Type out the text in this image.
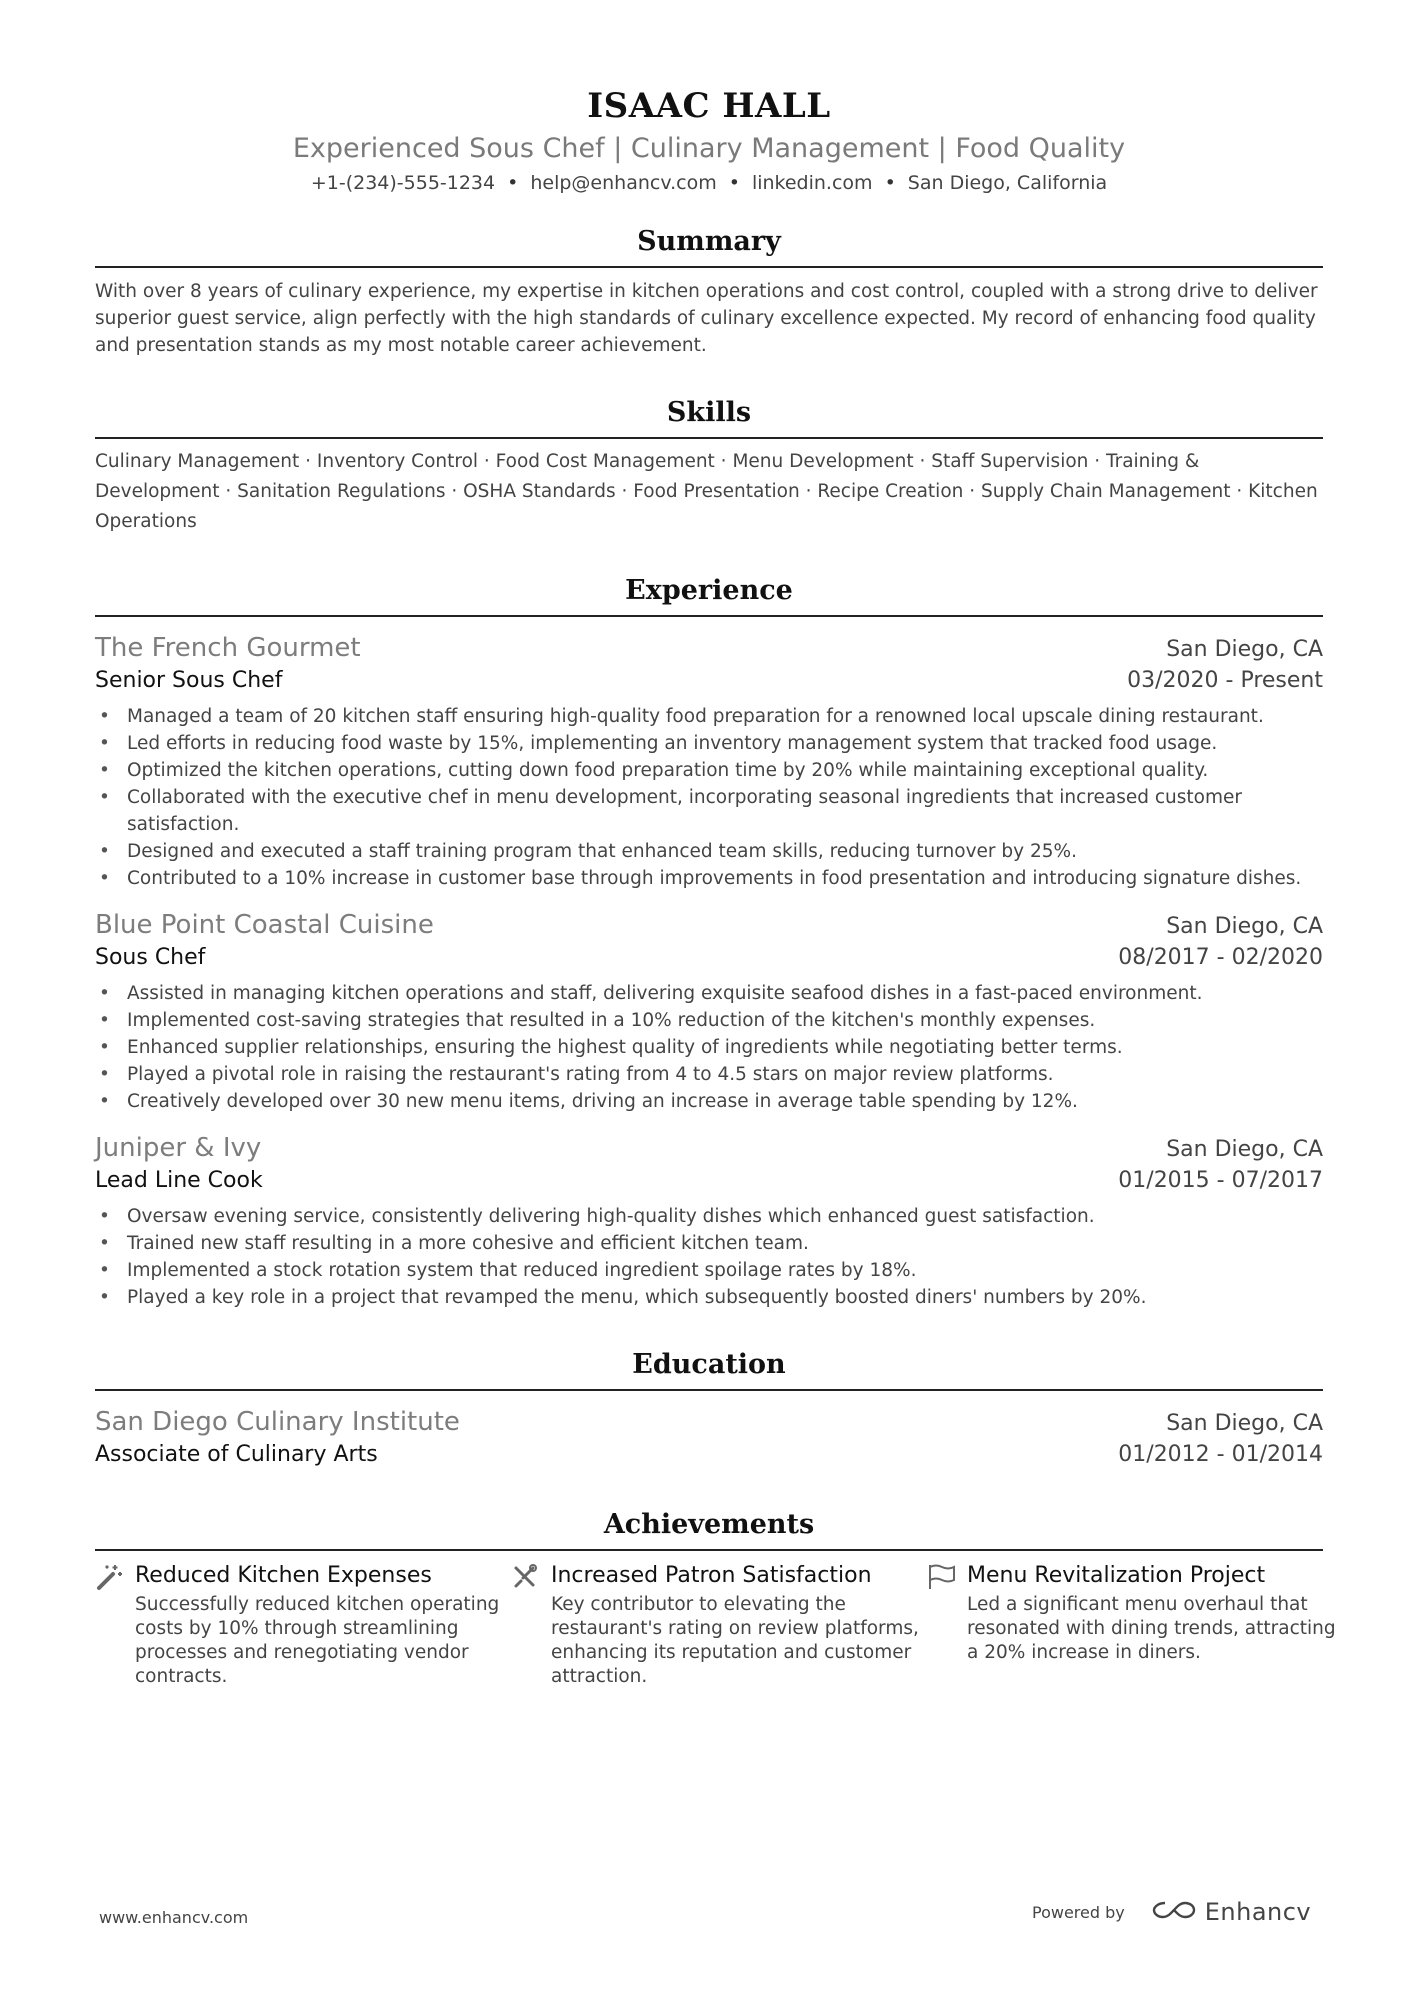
ISAAC HALL
Experienced Sous Chef | Culinary Management | Food Quality
+1-(234)-555-1234 • help@enhancv.com • linkedin.com • San Diego, California
Summary
With over 8 years of culinary experience, my expertise in kitchen operations and cost control, coupled with a strong drive to deliver superior guest service, align perfectly with the high standards of culinary excellence expected. My record of enhancing food quality and presentation stands as my most notable career achievement.
Skills
Culinary Management · Inventory Control · Food Cost Management · Menu Development · Staff Supervision · Training & Development · Sanitation Regulations · OSHA Standards · Food Presentation · Recipe Creation · Supply Chain Management · Kitchen Operations
Experience
The French Gourmet	San Diego, CA
Senior Sous Chef	03/2020 - Present
• Managed a team of 20 kitchen staff ensuring high-quality food preparation for a renowned local upscale dining restaurant.
• Led efforts in reducing food waste by 15%, implementing an inventory management system that tracked food usage.
• Optimized the kitchen operations, cutting down food preparation time by 20% while maintaining exceptional quality.
• Collaborated with the executive chef in menu development, incorporating seasonal ingredients that increased customer satisfaction.
• Designed and executed a staff training program that enhanced team skills, reducing turnover by 25%.
• Contributed to a 10% increase in customer base through improvements in food presentation and introducing signature dishes.
Blue Point Coastal Cuisine	San Diego, CA
Sous Chef	08/2017 - 02/2020
• Assisted in managing kitchen operations and staff, delivering exquisite seafood dishes in a fast-paced environment.
• Implemented cost-saving strategies that resulted in a 10% reduction of the kitchen's monthly expenses.
• Enhanced supplier relationships, ensuring the highest quality of ingredients while negotiating better terms.
• Played a pivotal role in raising the restaurant's rating from 4 to 4.5 stars on major review platforms.
• Creatively developed over 30 new menu items, driving an increase in average table spending by 12%.
Juniper & Ivy	San Diego, CA
Lead Line Cook	01/2015 - 07/2017
• Oversaw evening service, consistently delivering high-quality dishes which enhanced guest satisfaction.
• Trained new staff resulting in a more cohesive and efficient kitchen team.
• Implemented a stock rotation system that reduced ingredient spoilage rates by 18%.
• Played a key role in a project that revamped the menu, which subsequently boosted diners' numbers by 20%.
Education
San Diego Culinary Institute	San Diego, CA
Associate of Culinary Arts	01/2012 - 01/2014
Achievements
Reduced Kitchen Expenses
Successfully reduced kitchen operating costs by 10% through streamlining processes and renegotiating vendor contracts.
Increased Patron Satisfaction
Key contributor to elevating the restaurant's rating on review platforms, enhancing its reputation and customer attraction.
Menu Revitalization Project
Led a significant menu overhaul that resonated with dining trends, attracting a 20% increase in diners.
www.enhancv.com	Powered by	Enhancv
